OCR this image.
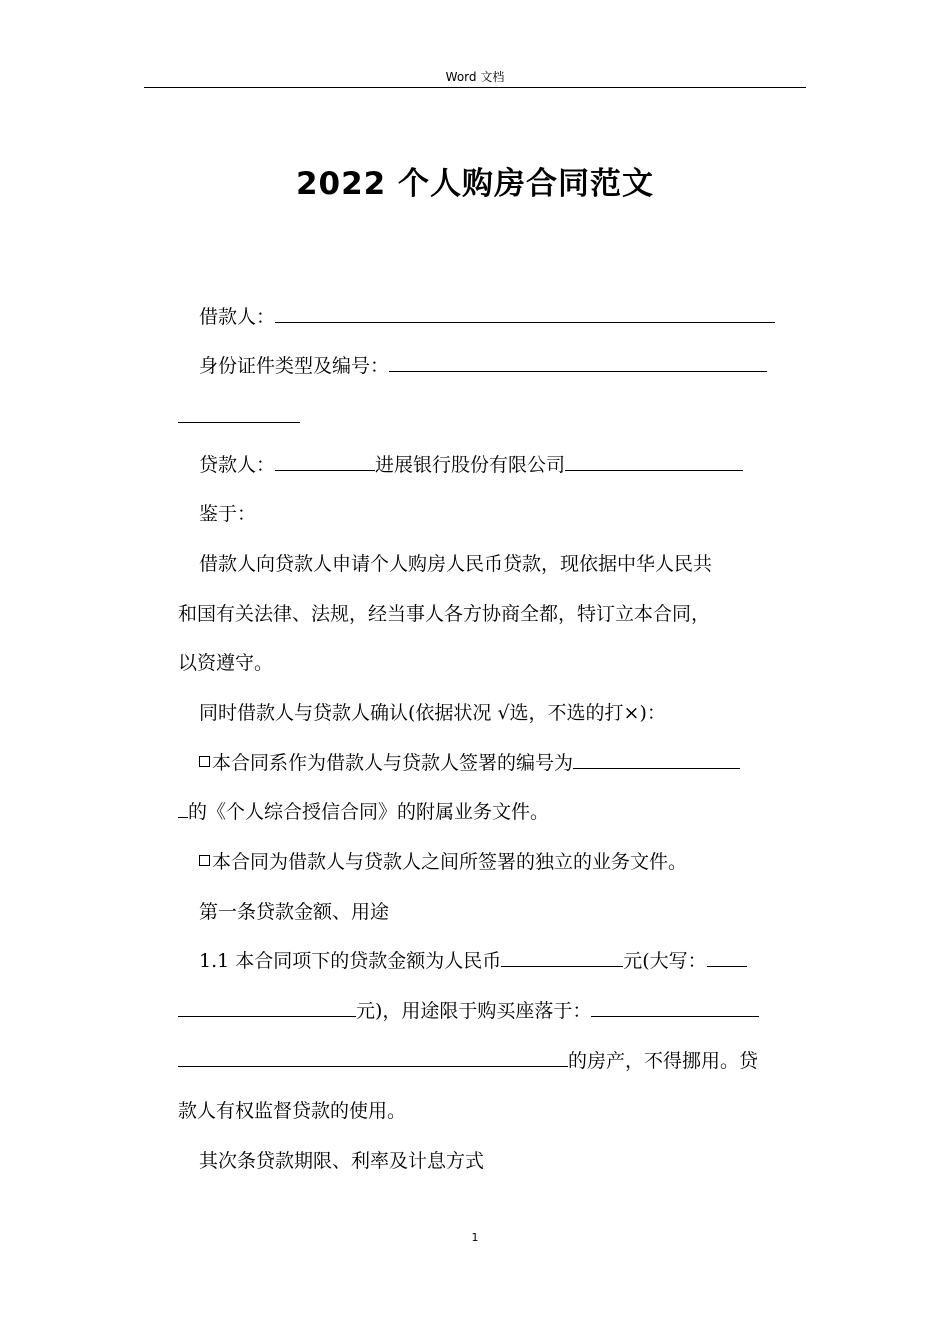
Word 文档
2022 个人购房合同范文
借款人：
身份证件类型及编号：
贷款人：	进展银行股份有限公司
鉴于：
借款人向贷款人申请个人购房人民币贷款，现依据中华人民共
和国有关法律、法规，经当事人各方协商全都，特订立本合同，
以资遵守。
同时借款人与贷款人确认(依据状况 √选，不选的打×)：
本合同系作为借款人与贷款人签署的编号为
的《个人综合授信合同》的附属业务文件。
本合同为借款人与贷款人之间所签署的独立的业务文件。
第一条贷款金额、用途
1.1 本合同项下的贷款金额为人民币	元(大写：
元)，用途限于购买座落于：
的房产，不得挪用。贷
款人有权监督贷款的使用。
其次条贷款期限、利率及计息方式
1
